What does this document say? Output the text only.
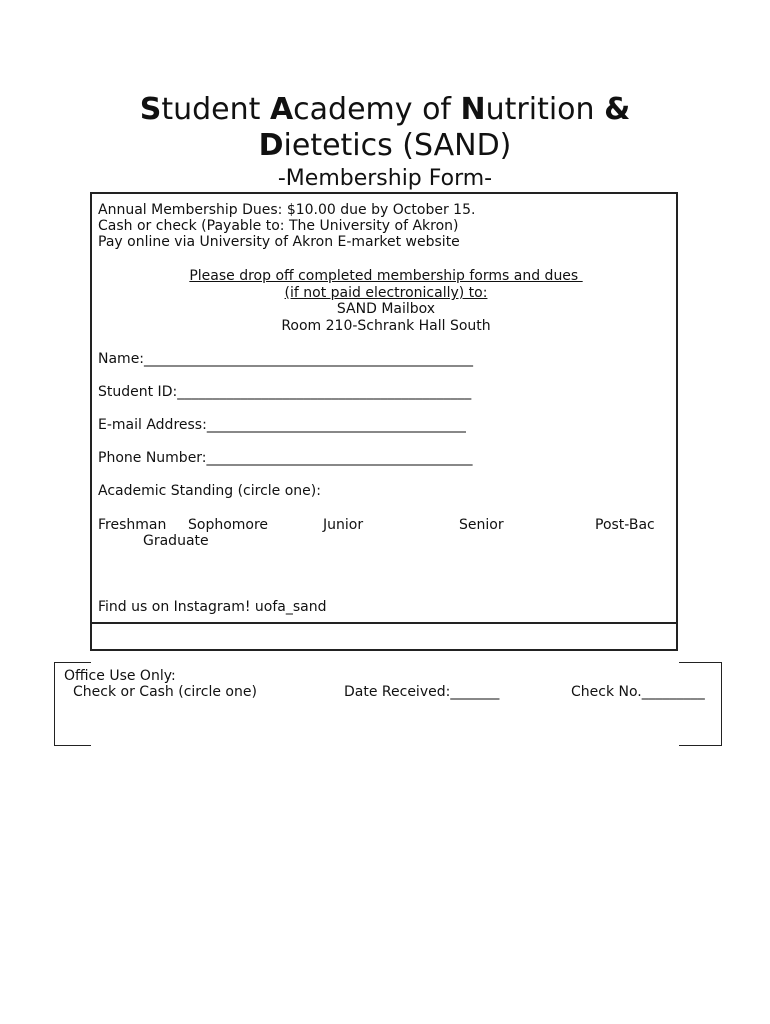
Student Academy of Nutrition &
Dietetics (SAND)
-Membership Form-
Annual Membership Dues: $10.00 due by October 15.
Cash or check (Payable to: The University of Akron)
Pay online via University of Akron E-market website
Please drop off completed membership forms and dues
(if not paid electronically) to:
SAND Mailbox
Room 210-Schrank Hall South
Name:_______________________________________________
Student ID:__________________________________________
E-mail Address:_____________________________________
Phone Number:______________________________________
Academic Standing (circle one):
Freshman Sophomore	Junior	Senior	Post-Bac
Graduate
Find us on Instagram! uofa_sand
Office Use Only:
Check or Cash (circle one)	Date Received:_______	Check No._________
